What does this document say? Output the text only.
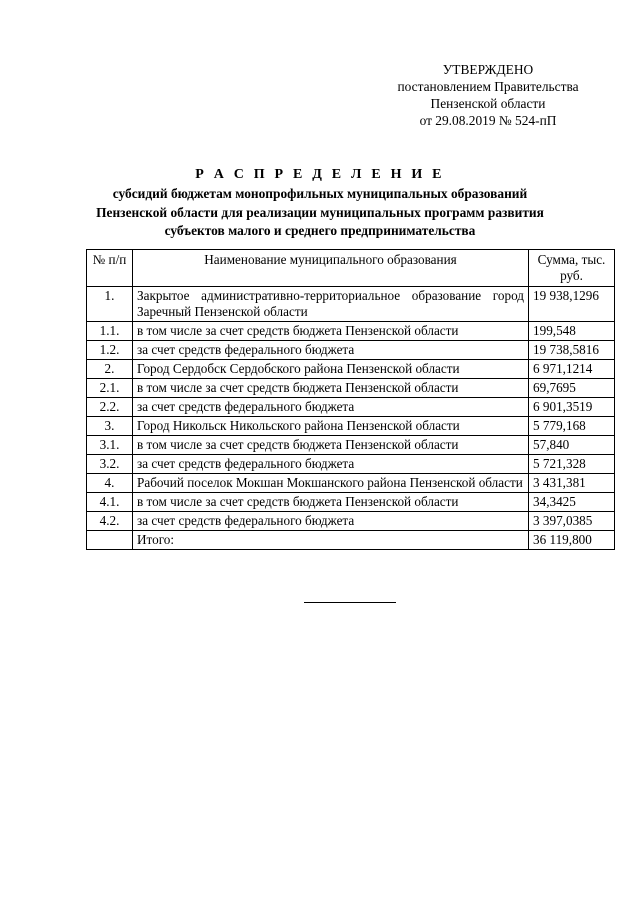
УТВЕРЖДЕНО
постановлением Правительства
Пензенской области
от 29.08.2019 № 524-пП
Р А С П Р Е Д Е Л Е Н И Е
субсидий бюджетам монопрофильных муниципальных образований
Пензенской области для реализации муниципальных программ развития
субъектов малого и среднего предпринимательства
№ п/п	Наименование муниципального образования	Сумма, тыс. руб.
1.	Закрытое административно-территориальное образование город Заречный Пензенской области	19 938,1296
1.1.	в том числе за счет средств бюджета Пензенской области	199,548
1.2.	за счет средств федерального бюджета	19 738,5816
2.	Город Сердобск Сердобского района Пензенской области	6 971,1214
2.1.	в том числе за счет средств бюджета Пензенской области	69,7695
2.2.	за счет средств федерального бюджета	6 901,3519
3.	Город Никольск Никольского района Пензенской области	5 779,168
3.1.	в том числе за счет средств бюджета Пензенской области	57,840
3.2.	за счет средств федерального бюджета	5 721,328
4.	Рабочий поселок Мокшан Мокшанского района Пензенской области	3 431,381
4.1.	в том числе за счет средств бюджета Пензенской области	34,3425
4.2.	за счет средств федерального бюджета	3 397,0385
	Итого:	36 119,800
